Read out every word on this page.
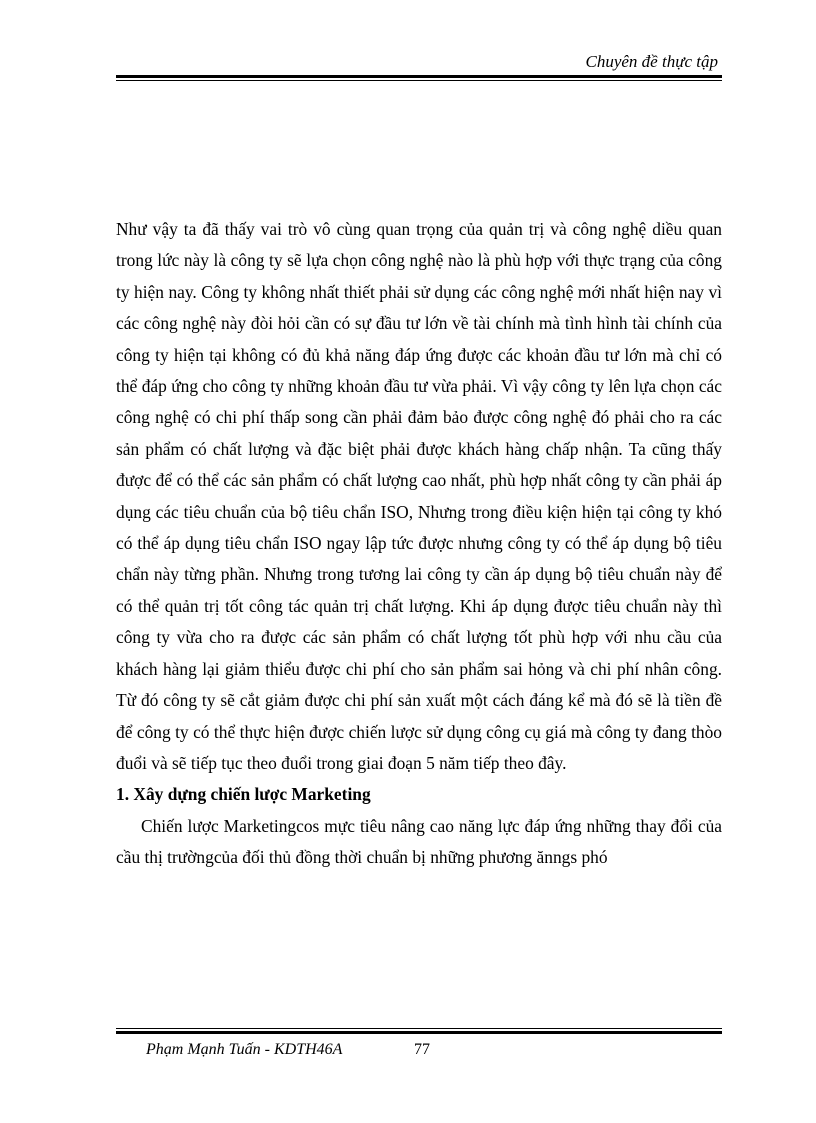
Chuyên đề thực tập

Như vậy ta đã thấy vai trò vô cùng quan trọng của quản trị và công nghệ diều quan trong lức này là công ty sẽ lựa chọn công nghệ nào là phù hợp với thực trạng của công ty hiện nay. Công ty không nhất thiết phải sử dụng các công nghệ mới nhất hiện nay vì các công nghệ này đòi hỏi cần có sự đầu tư lớn về tài chính mà tình hình tài chính của công ty hiện tại không có đủ khả năng đáp ứng được các khoản đầu tư lớn mà chỉ có thể đáp ứng cho công ty những khoản đầu tư vừa phải. Vì vậy công ty lên lựa chọn các công nghệ có chi phí thấp song cần phải đảm bảo được công nghệ đó phải cho ra các sản phẩm có chất lượng và đặc biệt phải được khách hàng chấp nhận. Ta cũng thấy được để có thể các sản phẩm có chất lượng cao nhất, phù hợp nhất công ty cần phải áp dụng các tiêu chuẩn của bộ tiêu chẩn ISO, Nhưng trong điều kiện hiện tại công ty khó có thể áp dụng tiêu chẩn ISO ngay lập tức được nhưng công ty có thể áp dụng bộ tiêu chẩn này từng phần. Nhưng trong tương lai công ty cần áp dụng bộ tiêu chuẩn này để có thể quản trị tốt công tác quản trị chất lượng. Khi áp dụng được tiêu chuẩn này thì công ty vừa cho ra được các sản phẩm có chất lượng tốt phù hợp với nhu cầu của khách hàng lại giảm thiểu được chi phí cho sản phẩm sai hỏng và chi phí nhân công. Từ đó công ty sẽ cắt giảm được chi phí sản xuất một cách đáng kể mà đó sẽ là tiền đề để công ty có thể thực hiện được chiến lược sử dụng công cụ giá mà công ty đang thòo đuổi và sẽ tiếp tục theo đuổi trong giai đoạn 5 năm tiếp theo đây.

1. Xây dựng chiến lược Marketing

Chiến lược Marketingcos mực tiêu nâng cao năng lực đáp ứng những thay đổi của cầu thị trườngcủa đối thủ đồng thời chuẩn bị những phương ănngs phó

Phạm Mạnh Tuấn - KDTH46A	77
